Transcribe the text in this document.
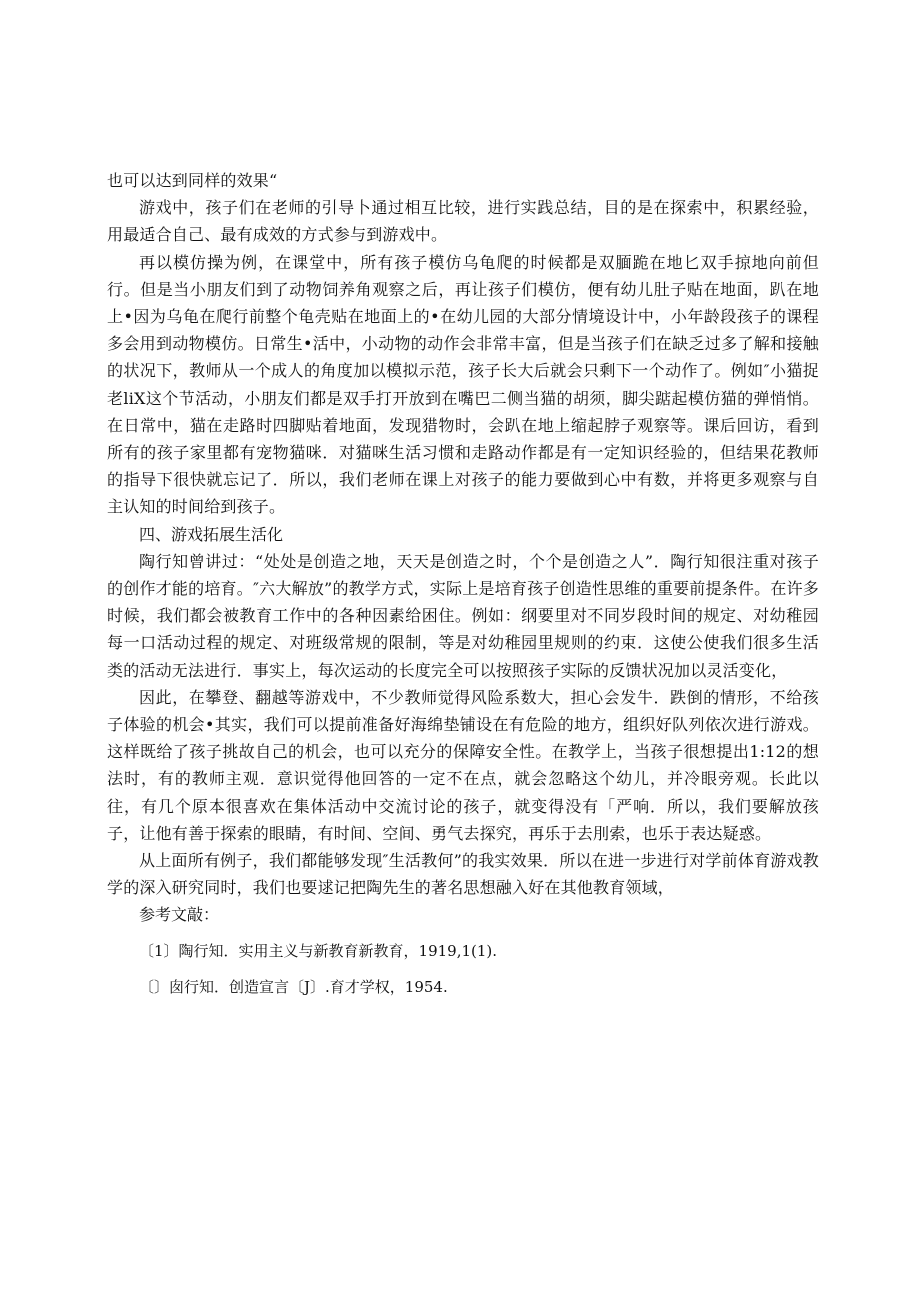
也可以达到同样的效果“

游戏中，孩子们在老师的引导卜通过相互比较，进行实践总结，目的是在探索中，积累经验，用最适合自己、最有成效的方式参与到游戏中。

再以模仿操为例，在课堂中，所有孩子模仿乌龟爬的时候都是双腼跪在地匕双手掠地向前但行。但是当小朋友们到了动物饲养角观察之后，再让孩子们模仿，便有幼儿肚子贴在地面，趴在地上•因为乌龟在爬行前整个龟壳贴在地面上的•在幼儿园的大部分情境设计中，小年龄段孩子的课程多会用到动物模仿。日常生•活中，小动物的动作会非常丰富，但是当孩子们在缺乏过多了解和接触的状况下，教师从一个成人的角度加以模拟示范，孩子长大后就会只剩下一个动作了。例如″小猫捉老liX这个节活动，小朋友们都是双手打开放到在嘴巴二侧当猫的胡须，脚尖踮起模仿猫的弹悄悄。在日常中，猫在走路时四脚贴着地面，发现猎物时，会趴在地上缩起脖子观察等。课后回访，看到所有的孩子家里都有宠物猫咪．对猫咪生活习惯和走路动作都是有一定知识经验的，但结果花教师的指导下很快就忘记了．所以，我们老师在课上对孩子的能力要做到心中有数，并将更多观察与自主认知的时间给到孩子。

四、游戏拓展生活化

陶行知曾讲过：“处处是创造之地，天天是创造之时，个个是创造之人”．陶行知很注重对孩子的创作才能的培育。″六大解放”的教学方式，实际上是培育孩子创造性思维的重要前提条件。在许多时候，我们都会被教育工作中的各种因素给困住。例如：纲要里对不同岁段时间的规定、对幼稚园每一口活动过程的规定、对班级常规的限制，等是对幼稚园里规则的约束．这使公使我们很多生活类的活动无法进行．事实上，每次运动的长度完全可以按照孩子实际的反馈状况加以灵活变化，

因此，在攀登、翻越等游戏中，不少教师觉得风险系数大，担心会发牛．跌倒的情形，不给孩子体验的机会•其实，我们可以提前准备好海绵垫铺设在有危险的地方，组织好队列依次进行游戏。这样既给了孩子挑故自己的机会，也可以充分的保障安全性。在教学上，当孩子很想提出1:12的想法时，有的教师主观．意识觉得他回答的一定不在点，就会忽略这个幼儿，并冷眼旁观。长此以往，有几个原本很喜欢在集体活动中交流讨论的孩子，就变得没有「严响．所以，我们要解放孩子，让他有善于探索的眼睛，有时间、空间、勇气去探究，再乐于去刖索，也乐于表达疑惑。

从上面所有例子，我们都能够发现″生活教何”的我实效果．所以在进一步进行对学前体育游戏教学的深入研究同时，我们也要逑记把陶先生的著名思想融入好在其他教育领域，

参考文敲：

〔1〕陶行知．实用主义与新教育新教育，1919,1(1).

〔〕囱行知．创造宣言〔J〕.育才学权，1954.
